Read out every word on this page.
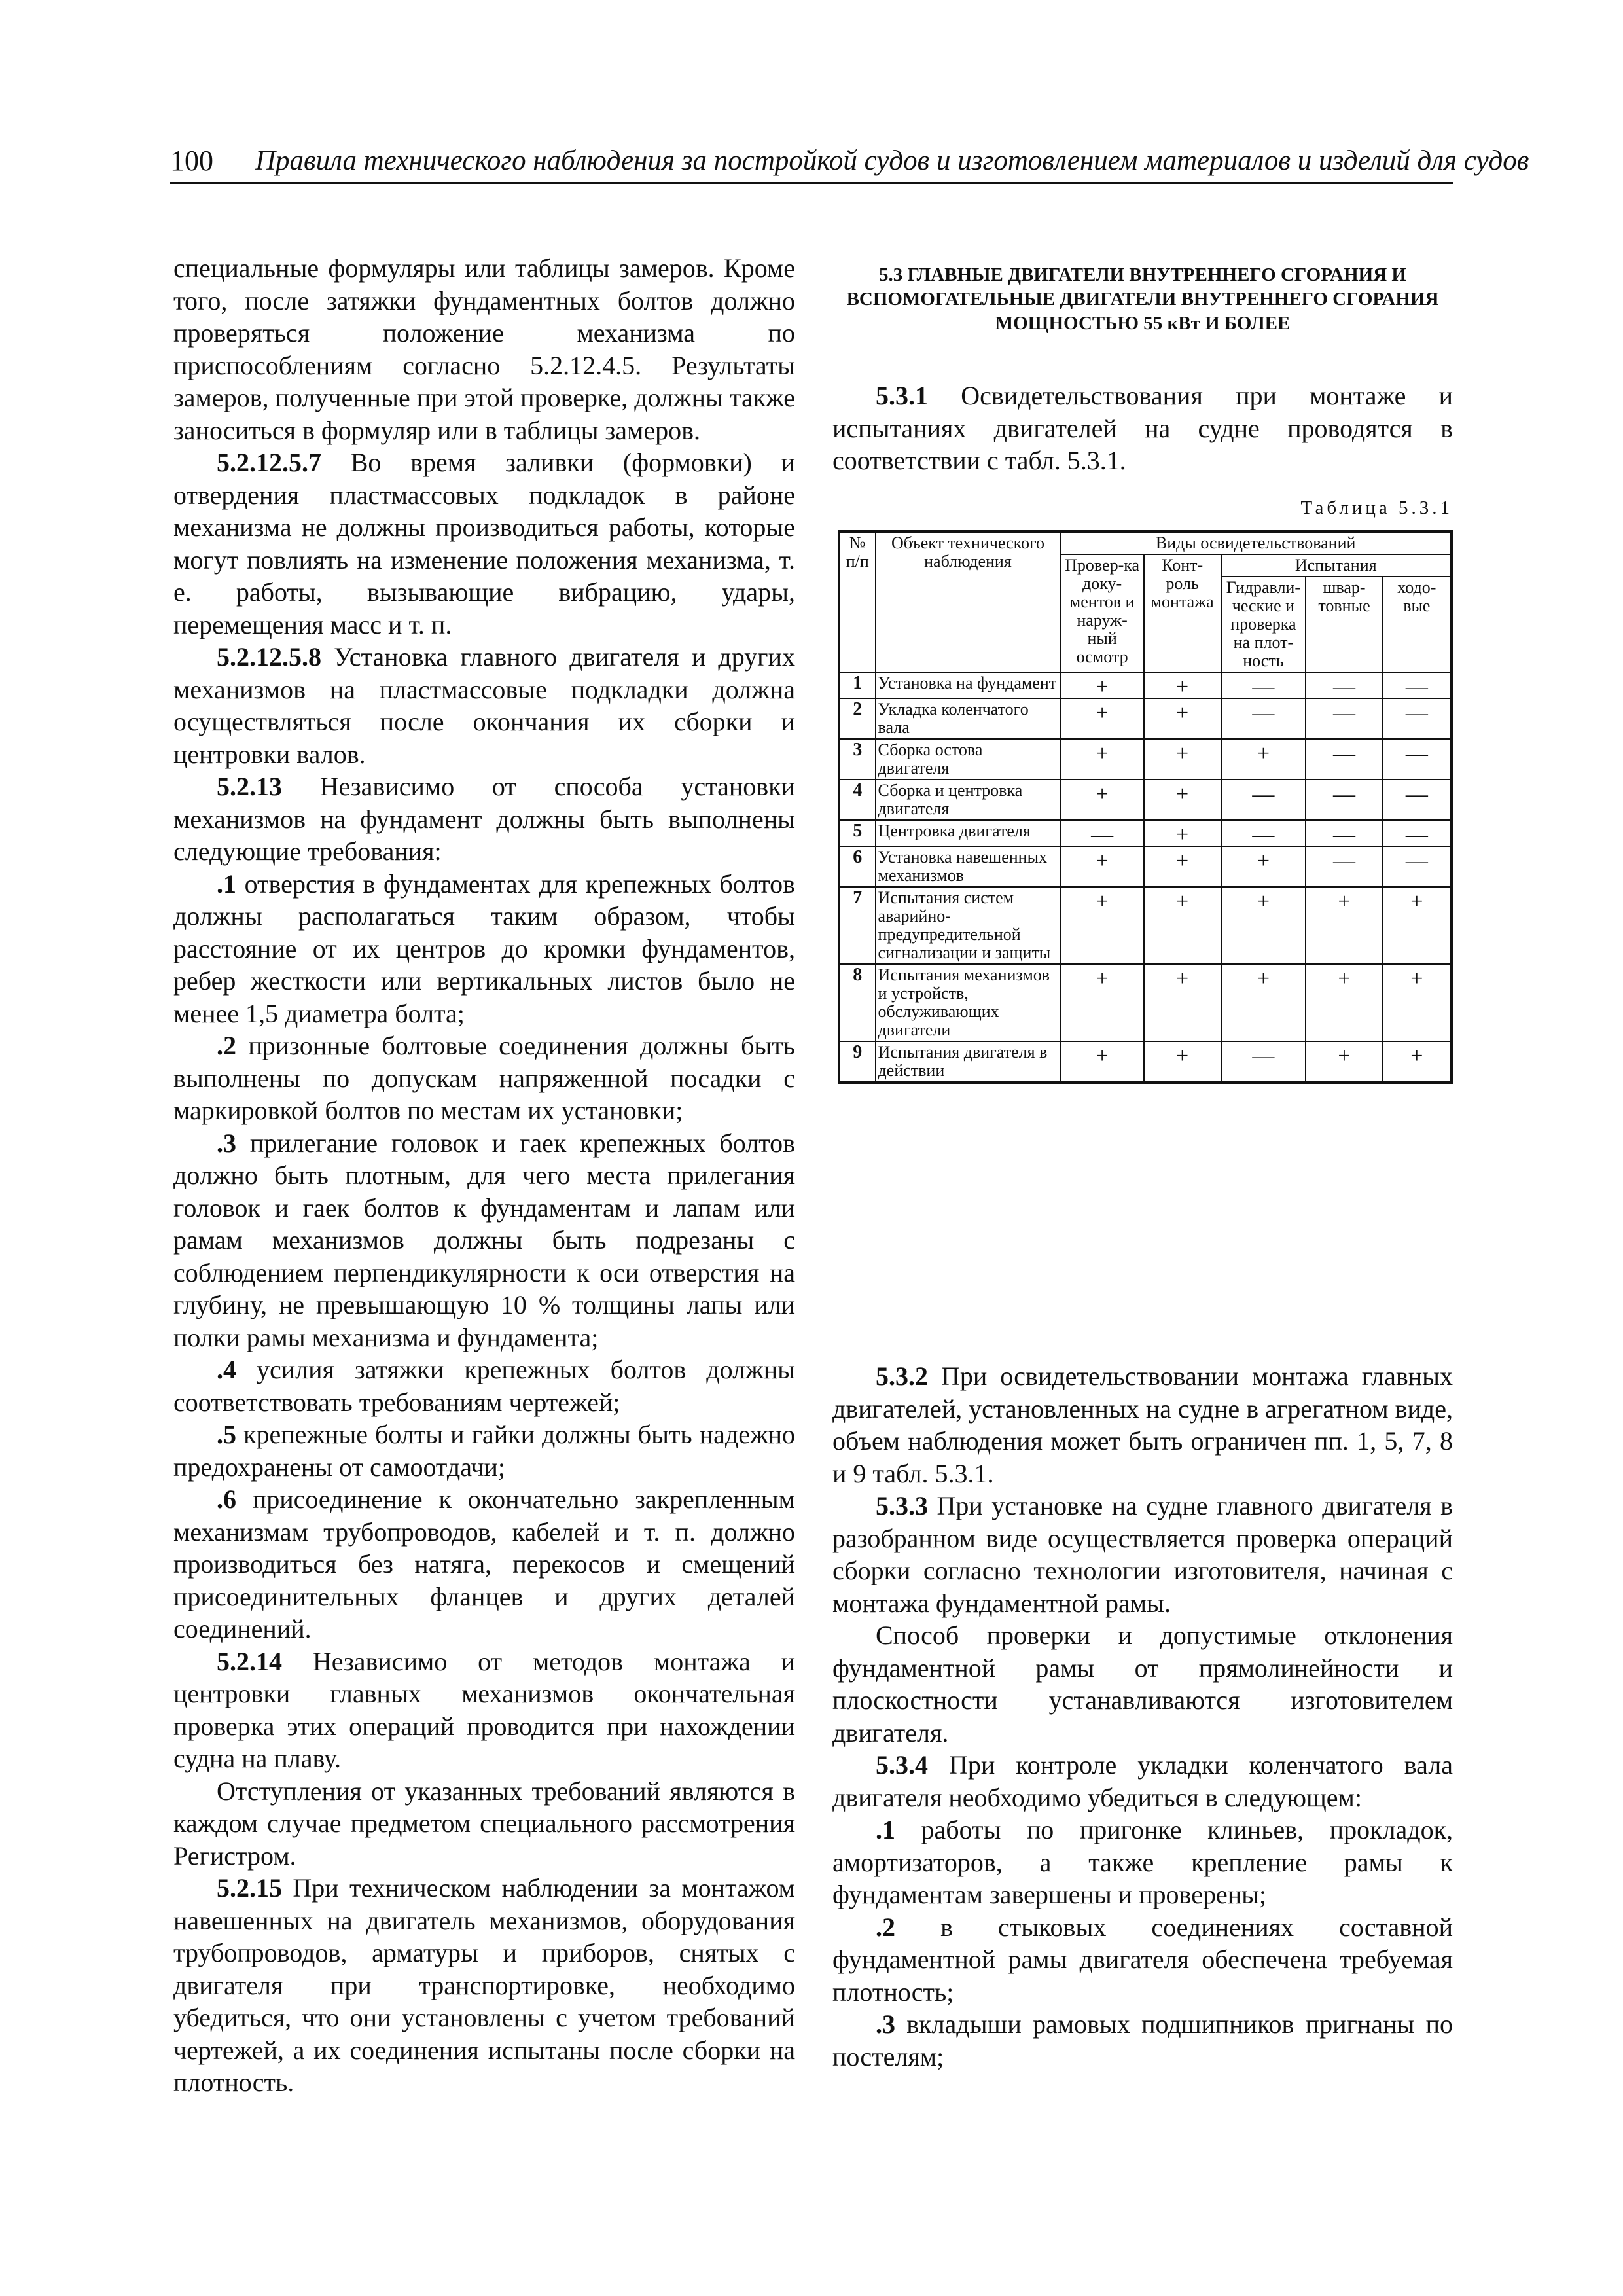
100 Правила технического наблюдения за постройкой судов и изготовлением материалов и изделий для судов

специальные формуляры или таблицы замеров. Кроме того, после затяжки фундаментных болтов должно проверяться положение механизма по приспособлениям согласно 5.2.12.4.5. Результаты замеров, полученные при этой проверке, должны также заноситься в формуляр или в таблицы замеров.

5.2.12.5.7 Во время заливки (формовки) и отвердения пластмассовых подкладок в районе механизма не должны производиться работы, которые могут повлиять на изменение положения механизма, т. е. работы, вызывающие вибрацию, удары, перемещения масс и т. п.

5.2.12.5.8 Установка главного двигателя и других механизмов на пластмассовые подкладки должна осуществляться после окончания их сборки и центровки валов.

5.2.13 Независимо от способа установки механизмов на фундамент должны быть выполнены следующие требования:

.1 отверстия в фундаментах для крепежных болтов должны располагаться таким образом, чтобы расстояние от их центров до кромки фундаментов, ребер жесткости или вертикальных листов было не менее 1,5 диаметра болта;

.2 призонные болтовые соединения должны быть выполнены по допускам напряженной посадки с маркировкой болтов по местам их установки;

.3 прилегание головок и гаек крепежных болтов должно быть плотным, для чего места прилегания головок и гаек болтов к фундаментам и лапам или рамам механизмов должны быть подрезаны с соблюдением перпендикулярности к оси отверстия на глубину, не превышающую 10 % толщины лапы или полки рамы механизма и фундамента;

.4 усилия затяжки крепежных болтов должны соответствовать требованиям чертежей;

.5 крепежные болты и гайки должны быть надежно предохранены от самоотдачи;

.6 присоединение к окончательно закрепленным механизмам трубопроводов, кабелей и т. п. должно производиться без натяга, перекосов и смещений присоединительных фланцев и других деталей соединений.

5.2.14 Независимо от методов монтажа и центровки главных механизмов окончательная проверка этих операций проводится при нахождении судна на плаву.

Отступления от указанных требований являются в каждом случае предметом специального рассмотрения Регистром.

5.2.15 При техническом наблюдении за монтажом навешенных на двигатель механизмов, оборудования трубопроводов, арматуры и приборов, снятых с двигателя при транспортировке, необходимо убедиться, что они установлены с учетом требований чертежей, а их соединения испытаны после сборки на плотность.

5.3 ГЛАВНЫЕ ДВИГАТЕЛИ ВНУТРЕННЕГО СГОРАНИЯ И ВСПОМОГАТЕЛЬНЫЕ ДВИГАТЕЛИ ВНУТРЕННЕГО СГОРАНИЯ МОЩНОСТЬЮ 55 кВт И БОЛЕЕ

5.3.1 Освидетельствования при монтаже и испытаниях двигателей на судне проводятся в соответствии с табл. 5.3.1.

Таблица 5.3.1
№ п/п	Объект технического наблюдения	Виды освидетельствований				
		Провер-ка доку-ментов и наруж-ный осмотр	Конт-роль монтажа	Испытания		
				Гидравли-ческие и проверка на плот-ность	швар-товные	ходо-вые
1	Установка на фундамент	+	+	—	—	—
2	Укладка коленчатого вала	+	+	—	—	—
3	Сборка остова двигателя	+	+	+	—	—
4	Сборка и центровка двигателя	+	+	—	—	—
5	Центровка двигателя	—	+	—	—	—
6	Установка навешенных механизмов	+	+	+	—	—
7	Испытания систем аварийно-предупредительной сигнализации и защиты	+	+	+	+	+
8	Испытания механизмов и устройств, обслуживающих двигатели	+	+	+	+	+
9	Испытания двигателя в действии	+	+	—	+	+

5.3.2 При освидетельствовании монтажа главных двигателей, установленных на судне в агрегатном виде, объем наблюдения может быть ограничен пп. 1, 5, 7, 8 и 9 табл. 5.3.1.

5.3.3 При установке на судне главного двигателя в разобранном виде осуществляется проверка операций сборки согласно технологии изготовителя, начиная с монтажа фундаментной рамы.

Способ проверки и допустимые отклонения фундаментной рамы от прямолинейности и плоскостности устанавливаются изготовителем двигателя.

5.3.4 При контроле укладки коленчатого вала двигателя необходимо убедиться в следующем:

.1 работы по пригонке клиньев, прокладок, амортизаторов, а также крепление рамы к фундаментам завершены и проверены;

.2 в стыковых соединениях составной фундаментной рамы двигателя обеспечена требуемая плотность;

.3 вкладыши рамовых подшипников пригнаны по постелям;
